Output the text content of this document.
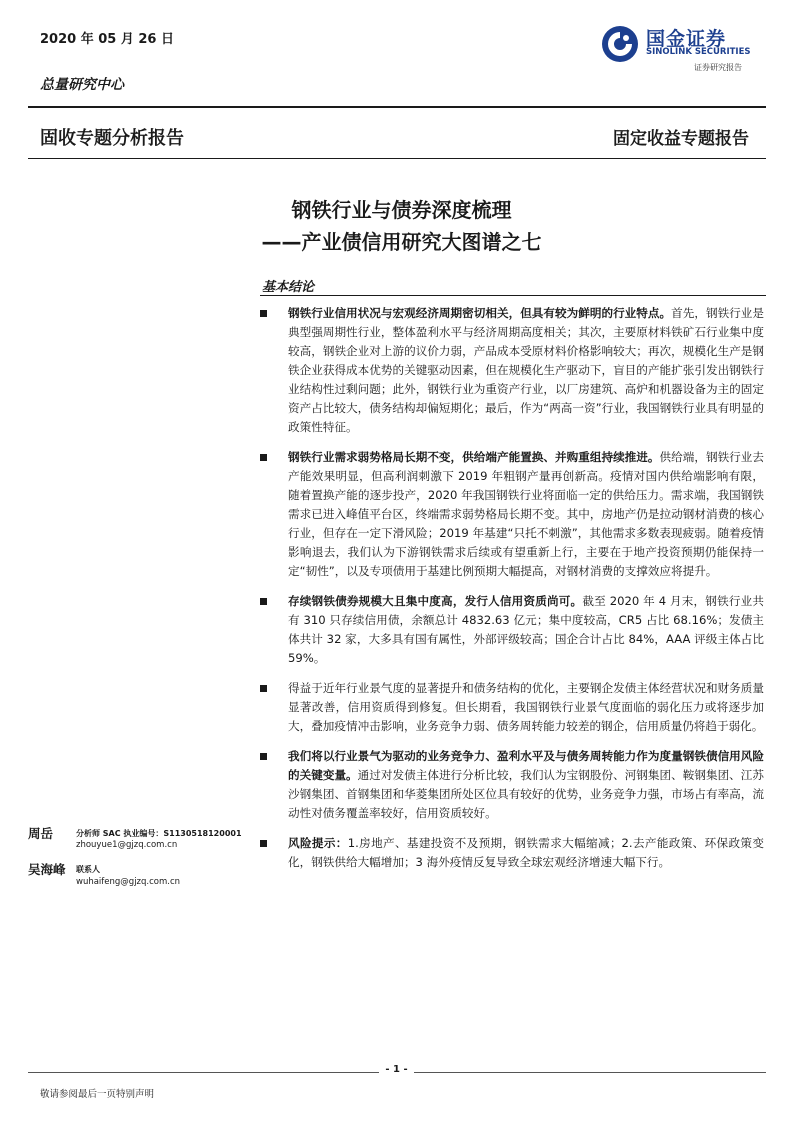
2020 年 05 月 26 日
总量研究中心
国金证券
SINOLINK SECURITIES
证券研究报告
固收专题分析报告	固定收益专题报告
钢铁行业与债券深度梳理
——产业债信用研究大图谱之七
基本结论
钢铁行业信用状况与宏观经济周期密切相关，但具有较为鲜明的行业特点。首先，钢铁行业是典型强周期性行业，整体盈利水平与经济周期高度相关；其次，主要原材料铁矿石行业集中度较高，钢铁企业对上游的议价力弱，产品成本受原材料价格影响较大；再次，规模化生产是钢铁企业获得成本优势的关键驱动因素，但在规模化生产驱动下，盲目的产能扩张引发出钢铁行业结构性过剩问题；此外，钢铁行业为重资产行业，以厂房建筑、高炉和机器设备为主的固定资产占比较大，债务结构却偏短期化；最后，作为“两高一资”行业，我国钢铁行业具有明显的政策性特征。
钢铁行业需求弱势格局长期不变，供给端产能置换、并购重组持续推进。供给端，钢铁行业去产能效果明显，但高利润刺激下 2019 年粗钢产量再创新高。疫情对国内供给端影响有限，随着置换产能的逐步投产，2020 年我国钢铁行业将面临一定的供给压力。需求端，我国钢铁需求已进入峰值平台区，终端需求弱势格局长期不变。其中，房地产仍是拉动钢材消费的核心行业，但存在一定下滑风险；2019 年基建“只托不刺激”，其他需求多数表现疲弱。随着疫情影响退去，我们认为下游钢铁需求后续或有望重新上行，主要在于地产投资预期仍能保持一定“韧性”，以及专项债用于基建比例预期大幅提高，对钢材消费的支撑效应将提升。
存续钢铁债券规模大且集中度高，发行人信用资质尚可。截至 2020 年 4 月末，钢铁行业共有 310 只存续信用债，余额总计 4832.63 亿元；集中度较高，CR5 占比 68.16%；发债主体共计 32 家，大多具有国有属性，外部评级较高；国企合计占比 84%，AAA 评级主体占比 59%。
得益于近年行业景气度的显著提升和债务结构的优化，主要钢企发债主体经营状况和财务质量显著改善，信用资质得到修复。但长期看，我国钢铁行业景气度面临的弱化压力或将逐步加大，叠加疫情冲击影响，业务竞争力弱、债务周转能力较差的钢企，信用质量仍将趋于弱化。
我们将以行业景气为驱动的业务竞争力、盈利水平及与债务周转能力作为度量钢铁债信用风险的关键变量。通过对发债主体进行分析比较，我们认为宝钢股份、河钢集团、鞍钢集团、江苏沙钢集团、首钢集团和华菱集团所处区位具有较好的优势，业务竞争力强，市场占有率高，流动性对债务覆盖率较好，信用资质较好。
风险提示：1.房地产、基建投资不及预期，钢铁需求大幅缩减；2.去产能政策、环保政策变化，钢铁供给大幅增加；3 海外疫情反复导致全球宏观经济增速大幅下行。
周岳	分析师 SAC 执业编号：S1130518120001
zhouyue1@gjzq.com.cn
吴海峰 联系人
wuhaifeng@gjzq.com.cn
- 1 -
敬请参阅最后一页特别声明
